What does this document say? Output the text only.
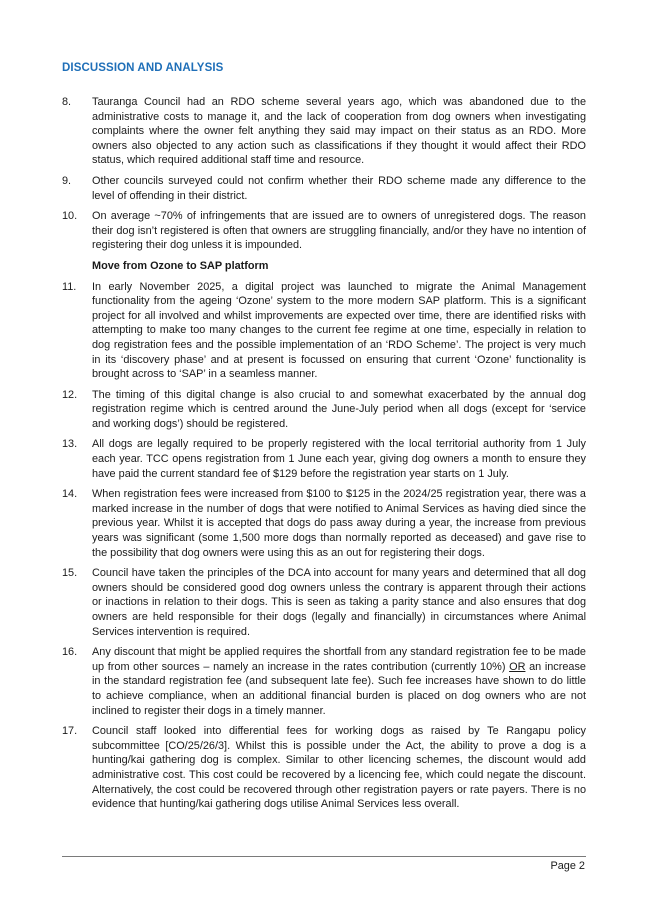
DISCUSSION AND ANALYSIS
8.	Tauranga Council had an RDO scheme several years ago, which was abandoned due to the administrative costs to manage it, and the lack of cooperation from dog owners when investigating complaints where the owner felt anything they said may impact on their status as an RDO. More owners also objected to any action such as classifications if they thought it would affect their RDO status, which required additional staff time and resource.
9.	Other councils surveyed could not confirm whether their RDO scheme made any difference to the level of offending in their district.
10.	On average ~70% of infringements that are issued are to owners of unregistered dogs. The reason their dog isn’t registered is often that owners are struggling financially, and/or they have no intention of registering their dog unless it is impounded.
Move from Ozone to SAP platform
11.	In early November 2025, a digital project was launched to migrate the Animal Management functionality from the ageing ‘Ozone’ system to the more modern SAP platform. This is a significant project for all involved and whilst improvements are expected over time, there are identified risks with attempting to make too many changes to the current fee regime at one time, especially in relation to dog registration fees and the possible implementation of an ‘RDO Scheme’. The project is very much in its ‘discovery phase’ and at present is focussed on ensuring that current ‘Ozone’ functionality is brought across to ‘SAP’ in a seamless manner.
12.	The timing of this digital change is also crucial to and somewhat exacerbated by the annual dog registration regime which is centred around the June-July period when all dogs (except for ‘service and working dogs’) should be registered.
13.	All dogs are legally required to be properly registered with the local territorial authority from 1 July each year. TCC opens registration from 1 June each year, giving dog owners a month to ensure they have paid the current standard fee of $129 before the registration year starts on 1 July.
14.	When registration fees were increased from $100 to $125 in the 2024/25 registration year, there was a marked increase in the number of dogs that were notified to Animal Services as having died since the previous year. Whilst it is accepted that dogs do pass away during a year, the increase from previous years was significant (some 1,500 more dogs than normally reported as deceased) and gave rise to the possibility that dog owners were using this as an out for registering their dogs.
15.	Council have taken the principles of the DCA into account for many years and determined that all dog owners should be considered good dog owners unless the contrary is apparent through their actions or inactions in relation to their dogs. This is seen as taking a parity stance and also ensures that dog owners are held responsible for their dogs (legally and financially) in circumstances where Animal Services intervention is required.
16.	Any discount that might be applied requires the shortfall from any standard registration fee to be made up from other sources – namely an increase in the rates contribution (currently 10%) OR an increase in the standard registration fee (and subsequent late fee). Such fee increases have shown to do little to achieve compliance, when an additional financial burden is placed on dog owners who are not inclined to register their dogs in a timely manner.
17.	Council staff looked into differential fees for working dogs as raised by Te Rangapu policy subcommittee [CO/25/26/3]. Whilst this is possible under the Act, the ability to prove a dog is a hunting/kai gathering dog is complex. Similar to other licencing schemes, the discount would add administrative cost. This cost could be recovered by a licencing fee, which could negate the discount. Alternatively, the cost could be recovered through other registration payers or rate payers. There is no evidence that hunting/kai gathering dogs utilise Animal Services less overall.
Page 2
